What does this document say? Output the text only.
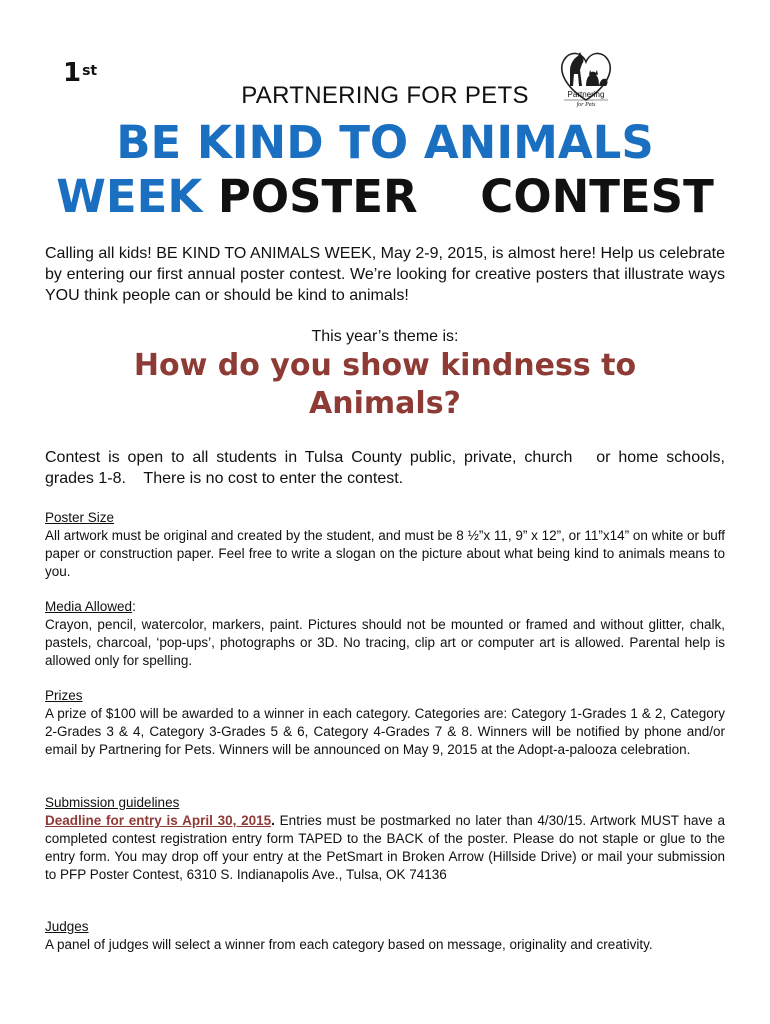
1st
PARTNERING FOR PETS	Partnering
for Pets
BE KIND TO ANIMALS
WEEK POSTER    CONTEST
Calling all kids! BE KIND TO ANIMALS WEEK, May 2-9, 2015, is almost here! Help us celebrate by entering our first annual poster contest. We’re looking for creative posters that illustrate ways YOU think people can or should be kind to animals!
This year’s theme is:
How do you show kindness to Animals?
Contest is open to all students in Tulsa County public, private, church   or home schools,  grades 1-8.    There is no cost to enter the contest.
Poster Size
All artwork must be original and created by the student, and must be 8 ½”x 11, 9” x 12”, or 11”x14” on white or buff paper or construction paper. Feel free to write a slogan on the picture about what being kind to animals means to you.
Media Allowed:
Crayon, pencil, watercolor, markers, paint. Pictures should not be mounted or framed and without glitter, chalk, pastels, charcoal, ‘pop-ups’, photographs or 3D. No tracing, clip art or computer art is allowed. Parental help is allowed only for spelling.
Prizes
A prize of $100 will be awarded to a winner in each category. Categories are: Category 1-Grades 1 & 2, Category 2-Grades 3 & 4, Category 3-Grades 5 & 6, Category 4-Grades 7 & 8. Winners will be notified by phone and/or email by Partnering for Pets. Winners will be announced on May 9, 2015 at the Adopt-a-palooza celebration.
Submission guidelines
Deadline for entry is April 30, 2015. Entries must be postmarked no later than 4/30/15. Artwork MUST have a completed contest registration entry form TAPED to the BACK of the poster. Please do not staple or glue to the entry form. You may drop off your entry at the PetSmart in Broken Arrow (Hillside Drive) or mail your submission to PFP Poster Contest, 6310 S. Indianapolis Ave., Tulsa, OK 74136
Judges
A panel of judges will select a winner from each category based on message, originality and creativity.
